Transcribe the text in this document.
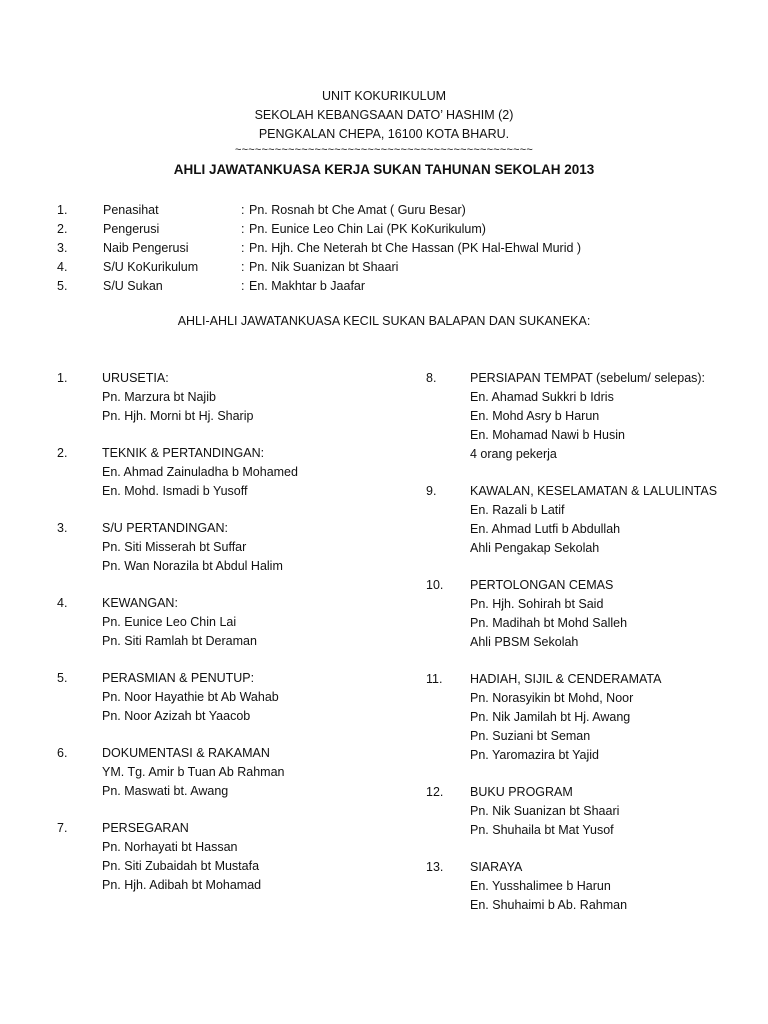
UNIT KOKURIKULUM
SEKOLAH KEBANGSAAN DATO’ HASHIM (2)
PENGKALAN CHEPA, 16100 KOTA BHARU.
~~~~~~~~~~~~~~~~~~~~~~~~~~~~~~~~~~~~~~~~~~~~~
AHLI JAWATANKUASA KERJA SUKAN TAHUNAN SEKOLAH 2013
1.	Penasihat	: Pn. Rosnah bt Che Amat ( Guru Besar)
2.	Pengerusi	: Pn. Eunice Leo Chin Lai (PK KoKurikulum)
3.	Naib Pengerusi	: Pn. Hjh. Che Neterah bt Che Hassan (PK Hal-Ehwal Murid )
4.	S/U KoKurikulum	: Pn. Nik Suanizan bt Shaari
5.	S/U Sukan	: En. Makhtar b Jaafar
AHLI-AHLI JAWATANKUASA KECIL SUKAN BALAPAN DAN SUKANEKA:
1.	URUSETIA:
Pn. Marzura bt Najib
Pn. Hjh. Morni bt Hj. Sharip
2.	TEKNIK & PERTANDINGAN:
En. Ahmad Zainuladha b Mohamed
En. Mohd. Ismadi b Yusoff
3.	S/U PERTANDINGAN:
Pn. Siti Misserah bt Suffar
Pn. Wan Norazila bt Abdul Halim
4.	KEWANGAN:
Pn. Eunice Leo Chin Lai
Pn. Siti Ramlah bt Deraman
5.	PERASMIAN & PENUTUP:
Pn. Noor Hayathie bt Ab Wahab
Pn. Noor Azizah bt Yaacob
6.	DOKUMENTASI & RAKAMAN
YM. Tg. Amir b Tuan Ab Rahman
Pn. Maswati bt. Awang
7.	PERSEGARAN
Pn. Norhayati bt Hassan
Pn. Siti Zubaidah bt Mustafa
Pn. Hjh. Adibah bt Mohamad
8.	PERSIAPAN TEMPAT (sebelum/ selepas):
En. Ahamad Sukkri b Idris
En. Mohd Asry b Harun
En. Mohamad Nawi b Husin
4 orang pekerja
9.	KAWALAN, KESELAMATAN & LALULINTAS
En. Razali b Latif
En. Ahmad Lutfi b Abdullah
Ahli Pengakap Sekolah
10. PERTOLONGAN CEMAS
Pn. Hjh. Sohirah bt Said
Pn. Madihah bt Mohd Salleh
Ahli PBSM Sekolah
11. HADIAH, SIJIL & CENDERAMATA
Pn. Norasyikin bt Mohd, Noor
Pn. Nik Jamilah bt Hj. Awang
Pn. Suziani bt Seman
Pn. Yaromazira bt Yajid
12. BUKU PROGRAM
Pn. Nik Suanizan bt Shaari
Pn. Shuhaila bt Mat Yusof
13. SIARAYA
En. Yusshalimee b Harun
En. Shuhaimi b Ab. Rahman
